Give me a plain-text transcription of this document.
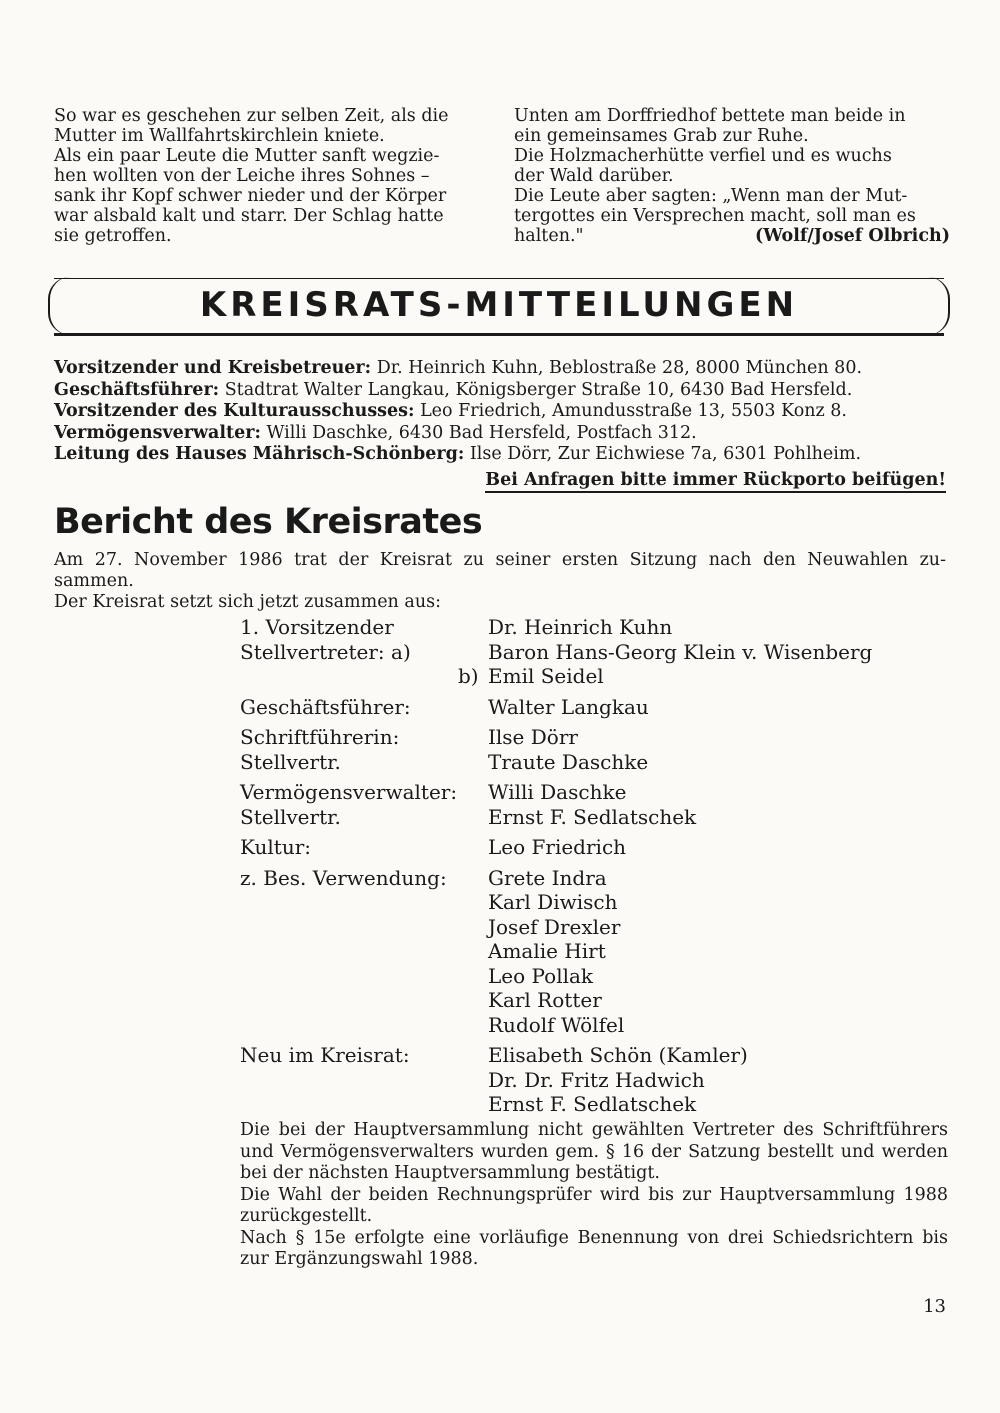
So war es geschehen zur selben Zeit, als die

Mutter im Wallfahrtskirchlein kniete.

Als ein paar Leute die Mutter sanft wegzie-

hen wollten von der Leiche ihres Sohnes –

sank ihr Kopf schwer nieder und der Körper

war alsbald kalt und starr. Der Schlag hatte

sie getroffen.

Unten am Dorffriedhof bettete man beide in

ein gemeinsames Grab zur Ruhe.

Die Holzmacherhütte verfiel und es wuchs

der Wald darüber.

Die Leute aber sagten: „Wenn man der Mut-

tergottes ein Versprechen macht, soll man es

halten."	(Wolf/Josef Olbrich)

KREISRATS-MITTEILUNGEN
Vorsitzender und Kreisbetreuer: Dr. Heinrich Kuhn, Beblostraße 28, 8000 München 80.
Geschäftsführer: Stadtrat Walter Langkau, Königsberger Straße 10, 6430 Bad Hersfeld.
Vorsitzender des Kulturausschusses: Leo Friedrich, Amundusstraße 13, 5503 Konz 8.
Vermögensverwalter: Willi Daschke, 6430 Bad Hersfeld, Postfach 312.
Leitung des Hauses Mährisch-Schönberg: Ilse Dörr, Zur Eichwiese 7a, 6301 Pohlheim.
Bei Anfragen bitte immer Rückporto beifügen!
Bericht des Kreisrates

Am 27. November 1986 trat der Kreisrat zu seiner ersten Sitzung nach den Neuwahlen zu- sammen.

Der Kreisrat setzt sich jetzt zusammen aus:

1. Vorsitzender	Dr. Heinrich Kuhn
Stellvertreter: a)	Baron Hans-Georg Klein v. Wisenberg
b) Emil Seidel
Geschäftsführer:	Walter Langkau
Schriftführerin:	Ilse Dörr
Stellvertr.	Traute Daschke
Vermögensverwalter:	Willi Daschke
Stellvertr.	Ernst F. Sedlatschek
Kultur:	Leo Friedrich
z. Bes. Verwendung:	Grete Indra
Karl Diwisch
Josef Drexler
Amalie Hirt
Leo Pollak
Karl Rotter
Rudolf Wölfel
Neu im Kreisrat:	Elisabeth Schön (Kamler)
Dr. Dr. Fritz Hadwich
Ernst F. Sedlatschek

Die bei der Hauptversammlung nicht gewählten Vertreter des Schriftführers und Vermögensverwalters wurden gem. § 16 der Satzung bestellt und werden bei der nächsten Hauptversammlung bestätigt.

Die Wahl der beiden Rechnungsprüfer wird bis zur Hauptversammlung 1988 zurückgestellt.

Nach § 15e erfolgte eine vorläufige Benennung von drei Schiedsrichtern bis zur Ergänzungswahl 1988.

13
